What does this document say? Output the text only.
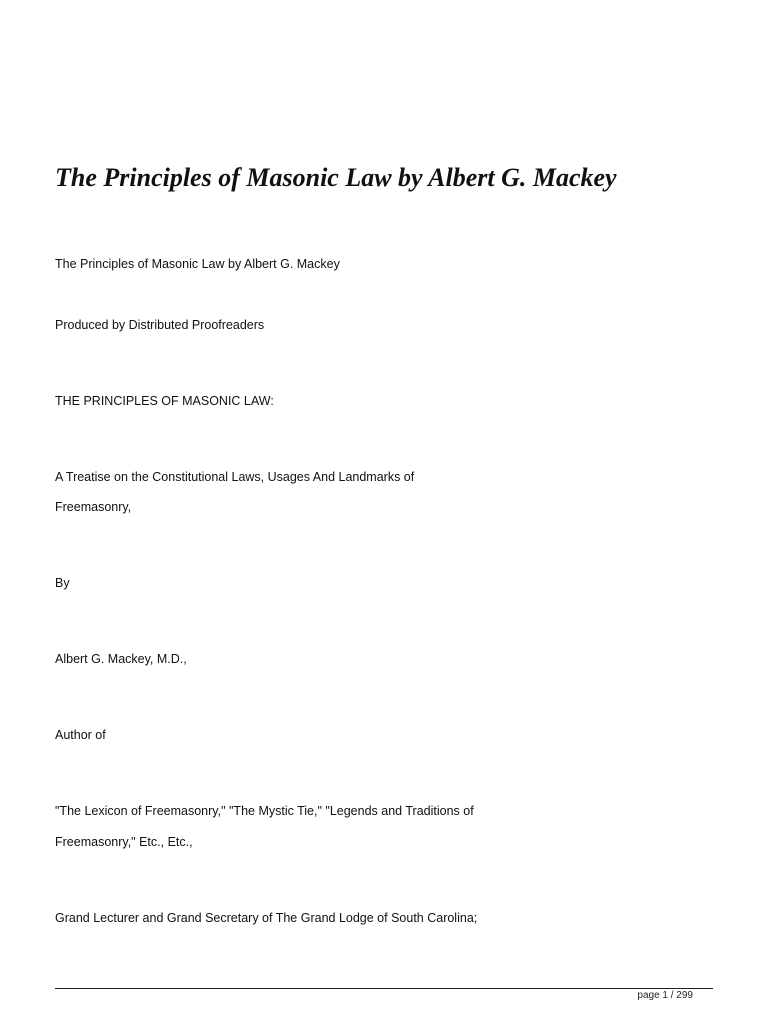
The Principles of Masonic Law by Albert G. Mackey

The Principles of Masonic Law by Albert G. Mackey

Produced by Distributed Proofreaders

THE PRINCIPLES OF MASONIC LAW:

A Treatise on the Constitutional Laws, Usages And Landmarks of

Freemasonry,

By

Albert G. Mackey, M.D.,

Author of

"The Lexicon of Freemasonry," "The Mystic Tie," "Legends and Traditions of

Freemasonry," Etc., Etc.,

Grand Lecturer and Grand Secretary of The Grand Lodge of South Carolina;

page 1 / 299
